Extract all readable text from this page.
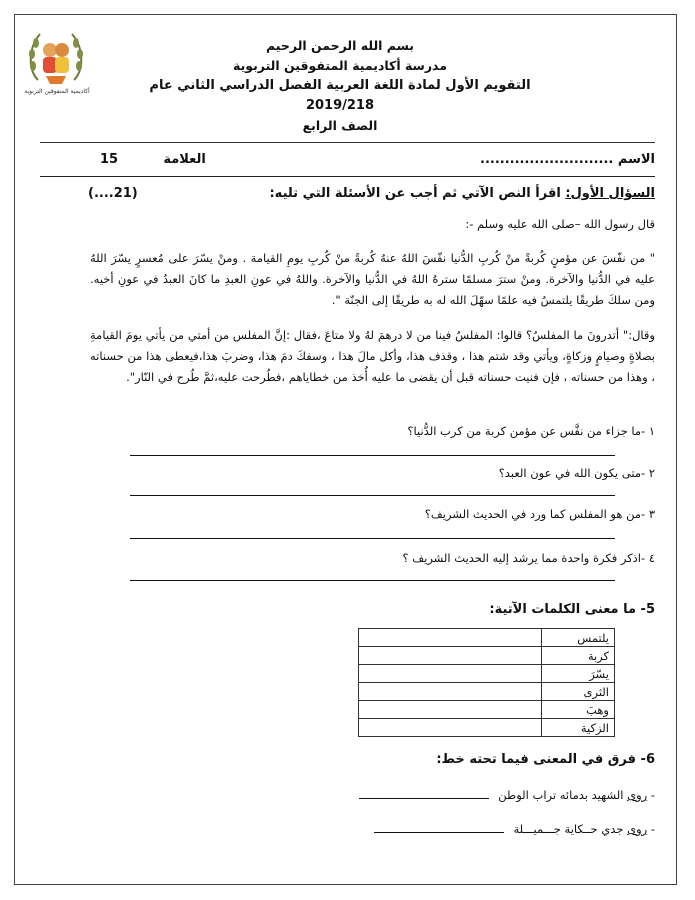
أكاديمية المتفوقين التربوية
بسم الله الرحمن الرحيم
مدرسة أكاديمية المتفوقين التربوية
التقويم الأول لمادة اللغة العربية الفصل الدراسي الثاني عام 2019/218
الصف الرابع
الاسم ...........................
العلامة          15
السؤال الأول: اقرأ النص الآتي ثم أجب عن الأسئلة التي تليه:
(21....)
قال رسول الله –صلى الله عليه وسلم -:
" من نفّسَ عن مؤمنٍ كُربةً منْ كُربِ الدُّنيا نفّسَ اللهُ عنهُ كُربةً منْ كُربِ يومِ القيامة . ومنْ يسّرَ على مُعسرٍ يسّرَ اللهُ عليه في الدُّنيا والآخرة. ومنْ سترَ مسلمًا سترهُ اللهُ في الدُّنيا والآخرة. واللهُ في عونِ العبدِ ما كانَ العبدُ في عونِ أخيه. ومن سلكَ طريقًا يلتمسُ فيه علمًا سهّلَ الله له به طريقًا إلى الجنّة ".
وقال:" أتدرونَ ما المفلسُ؟ قالوا: المفلسُ فينا من لا درهمَ لهُ ولا متاعَ ،فقال :إنَّ المفلس من أمتي من يأتي يومَ القيامةِ بصلاةٍ وصيامٍ وزكاةٍ، ويأتي وقد شتم هذا ، وقذف هذا، وأكل مالَ هذا ، وسفكَ دمَ هذا، وضربَ هذا،فيعطى هذا من حسناته ، وهذا من حسناته ، فإن فنيت حسناته قبل أن يقضى ما عليه أُخذ من خطاياهم ،فطُرحت عليه،ثمَّ طُرح في النّار".
١ -ما جزاء من نفَّس عن مؤمن كربة من كرب الدُّنيا؟
٢ -متى يكون الله في عون العبد؟
٣ -من هو المفلس كما ورد في الحديث الشريف؟
٤ -اذكر فكرة واحدة مما يرشد إليه الحديث الشريف ؟
5- ما معنى الكلمات الآتية:
يلتمس	
كربة	
يسّرَ	
الثرى	
وهبَ	
الزكية	
6- فرق في المعنى فيما تحته خط:
- روى الشهيد بدمائه تراب الوطن
- روى جدي حــكاية جـــميـــلة
